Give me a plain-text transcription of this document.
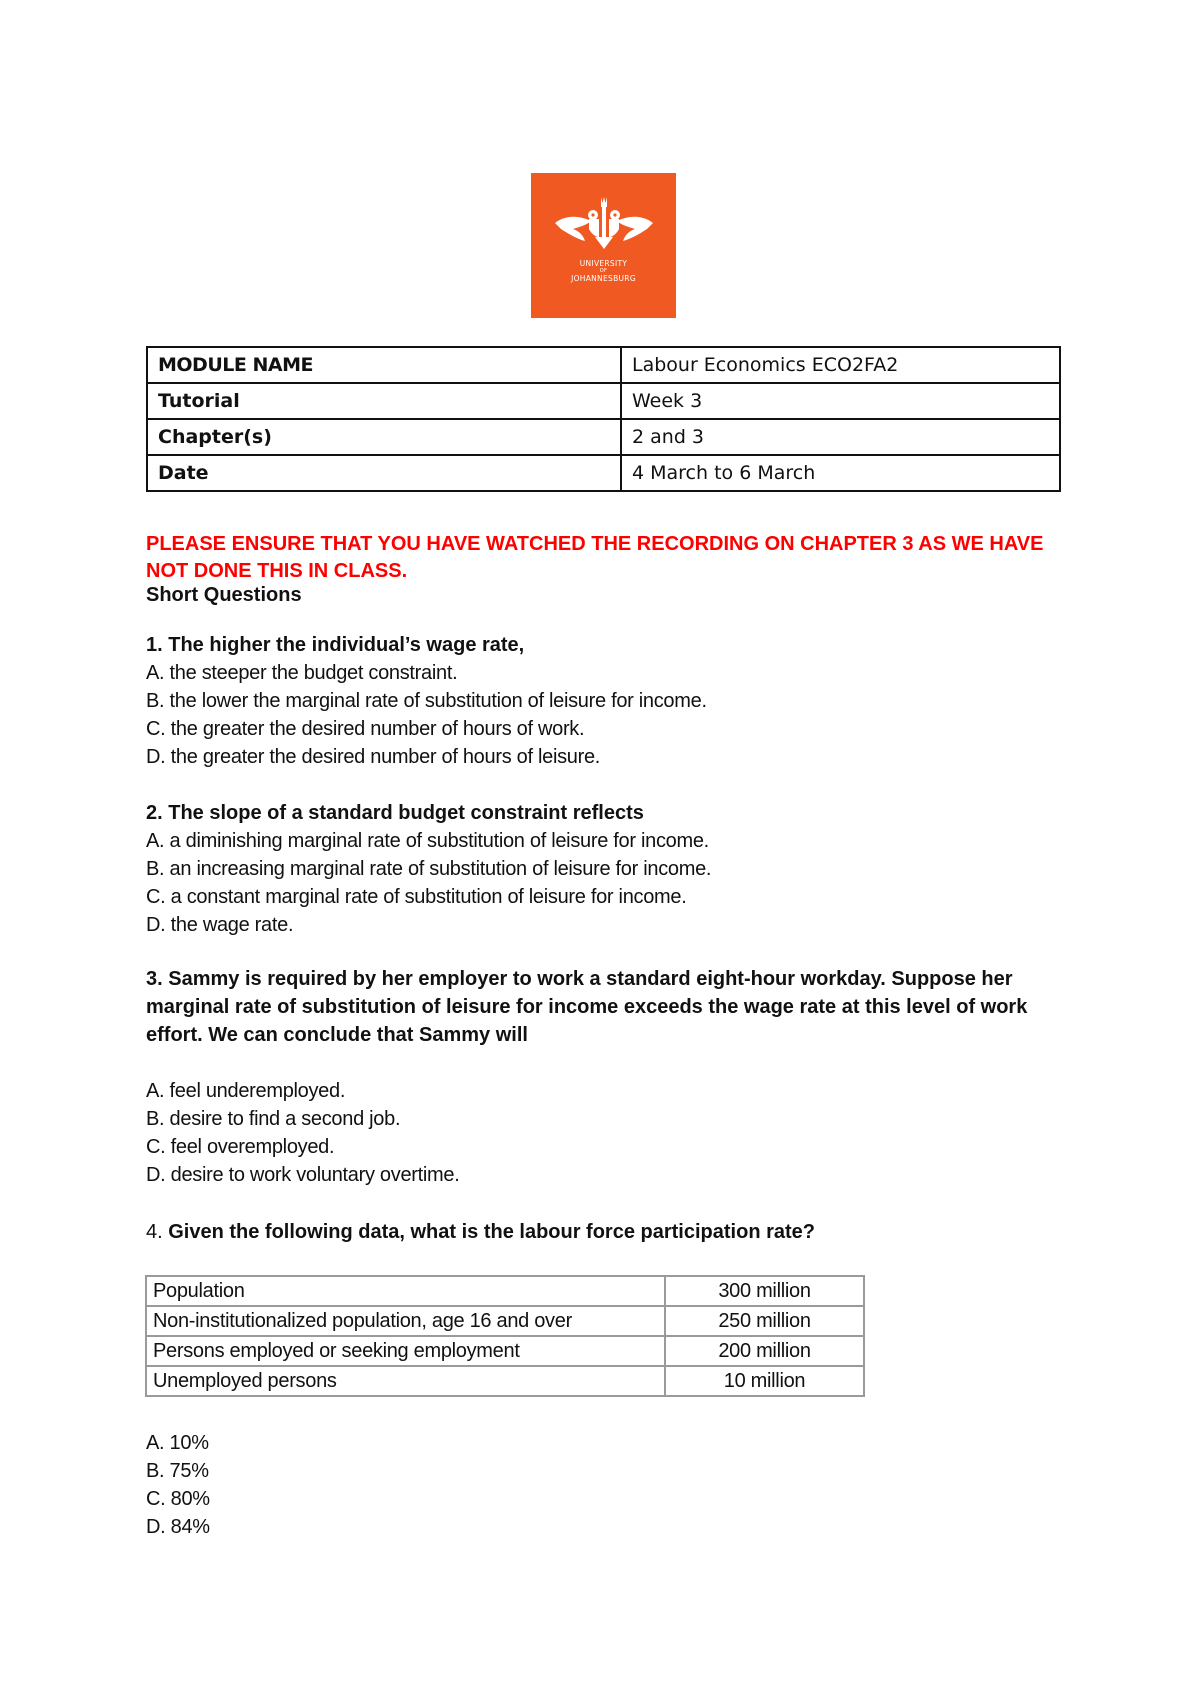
UNIVERSITY
OF
JOHANNESBURG
MODULE NAME	Labour Economics ECO2FA2
Tutorial	Week 3
Chapter(s)	2 and 3
Date	4 March to 6 March
PLEASE ENSURE THAT YOU HAVE WATCHED THE RECORDING ON CHAPTER 3 AS WE HAVE NOT DONE THIS IN CLASS.
Short Questions
1. The higher the individual’s wage rate,
A. the steeper the budget constraint.
B. the lower the marginal rate of substitution of leisure for income.
C. the greater the desired number of hours of work.
D. the greater the desired number of hours of leisure.
2. The slope of a standard budget constraint reflects
A. a diminishing marginal rate of substitution of leisure for income.
B. an increasing marginal rate of substitution of leisure for income.
C. a constant marginal rate of substitution of leisure for income.
D. the wage rate.
3. Sammy is required by her employer to work a standard eight-hour workday. Suppose her marginal rate of substitution of leisure for income exceeds the wage rate at this level of work effort. We can conclude that Sammy will
A. feel underemployed.
B. desire to find a second job.
C. feel overemployed.
D. desire to work voluntary overtime.
4. Given the following data, what is the labour force participation rate?
Population	300 million
Non-institutionalized population, age 16 and over	250 million
Persons employed or seeking employment	200 million
Unemployed persons	10 million
A. 10%
B. 75%
C. 80%
D. 84%
